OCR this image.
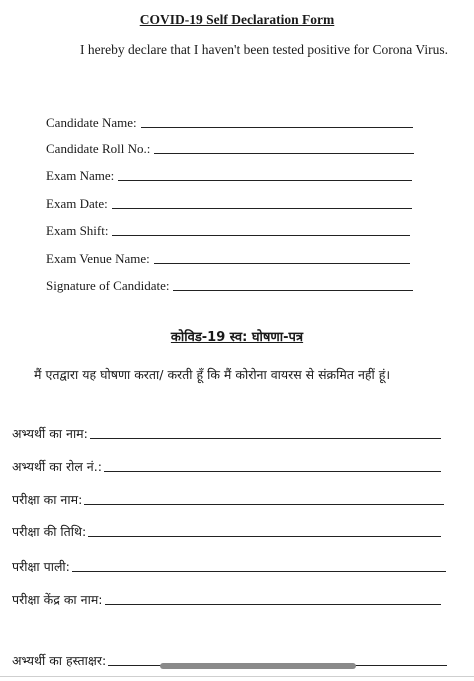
COVID-19 Self Declaration Form
I hereby declare that I haven't been tested positive for Corona Virus.
Candidate Name:
Candidate Roll No.:
Exam Name:
Exam Date:
Exam Shift:
Exam Venue Name:
Signature of Candidate:
कोविड-19 स्व: घोषणा-पत्र
मैं एतद्वारा यह घोषणा करता/ करती हूँ कि मैं कोरोना वायरस से संक्रमित नहीं हूं।
अभ्यर्थी का नाम:
अभ्यर्थी का रोल नं.:
परीक्षा का नाम:
परीक्षा की तिथि:
परीक्षा पाली:
परीक्षा केंद्र का नाम:
अभ्यर्थी का हस्ताक्षर:
